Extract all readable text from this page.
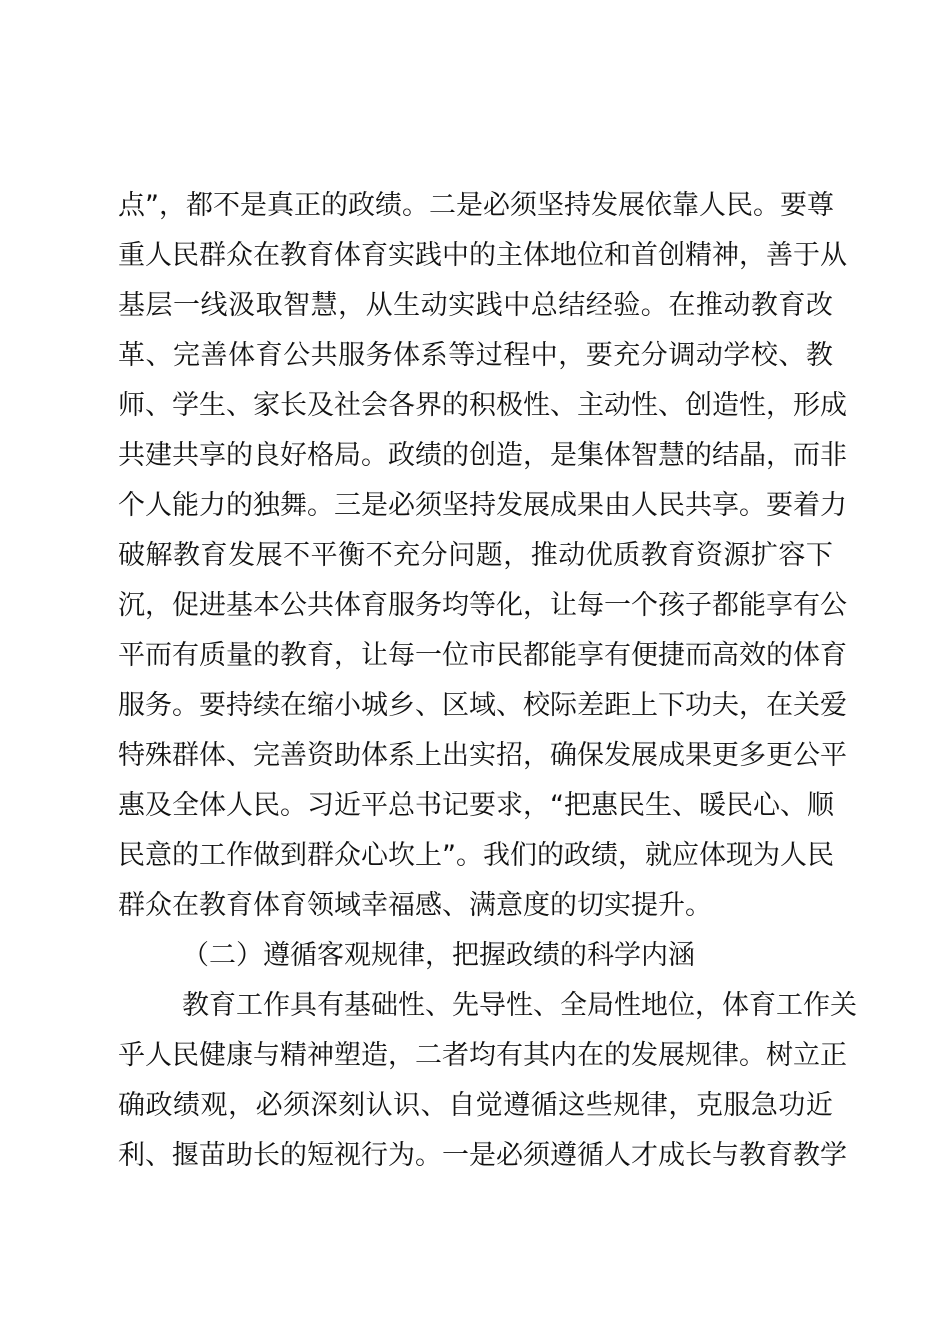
点 ” ， 都 不 是 真 正 的 政 绩 。 二 是 必 须 坚 持 发 展 依 靠 人 民 。 要 尊
重 人 民 群 众 在 教 育 体 育 实 践 中 的 主 体 地 位 和 首 创 精 神 ， 善 于 从
基 层 一 线 汲 取 智 慧 ， 从 生 动 实 践 中 总 结 经 验 。 在 推 动 教 育 改
革 、 完 善 体 育 公 共 服 务 体 系 等 过 程 中 ， 要 充 分 调 动 学 校 、 教
师 、 学 生 、 家 长 及 社 会 各 界 的 积 极 性 、 主 动 性 、 创 造 性 ， 形 成
共 建 共 享 的 良 好 格 局 。 政 绩 的 创 造 ， 是 集 体 智 慧 的 结 晶 ， 而 非
个 人 能 力 的 独 舞 。 三 是 必 须 坚 持 发 展 成 果 由 人 民 共 享 。 要 着 力
破 解 教 育 发 展 不 平 衡 不 充 分 问 题 ， 推 动 优 质 教 育 资 源 扩 容 下
沉 ， 促 进 基 本 公 共 体 育 服 务 均 等 化 ， 让 每 一 个 孩 子 都 能 享 有 公
平 而 有 质 量 的 教 育 ， 让 每 一 位 市 民 都 能 享 有 便 捷 而 高 效 的 体 育
服 务 。 要 持 续 在 缩 小 城 乡 、 区 域 、 校 际 差 距 上 下 功 夫 ， 在 关 爱
特 殊 群 体 、 完 善 资 助 体 系 上 出 实 招 ， 确 保 发 展 成 果 更 多 更 公 平
惠 及 全 体 人 民 。 习 近 平 总 书 记 要 求 ， “ 把 惠 民 生 、 暖 民 心 、 顺
民 意 的 工 作 做 到 群 众 心 坎 上 ” 。 我 们 的 政 绩 ， 就 应 体 现 为 人 民
群众在教育体育领域幸福感、满意度的切实提升。
（二）遵循客观规律，把握政绩的科学内涵
教 育 工 作 具 有 基 础 性 、 先 导 性 、 全 局 性 地 位 ， 体 育 工 作 关
乎 人 民 健 康 与 精 神 塑 造 ， 二 者 均 有 其 内 在 的 发 展 规 律 。 树 立 正
确 政 绩 观 ， 必 须 深 刻 认 识 、 自 觉 遵 循 这 些 规 律 ， 克 服 急 功 近
利 、 揠 苗 助 长 的 短 视 行 为 。 一 是 必 须 遵 循 人 才 成 长 与 教 育 教 学
